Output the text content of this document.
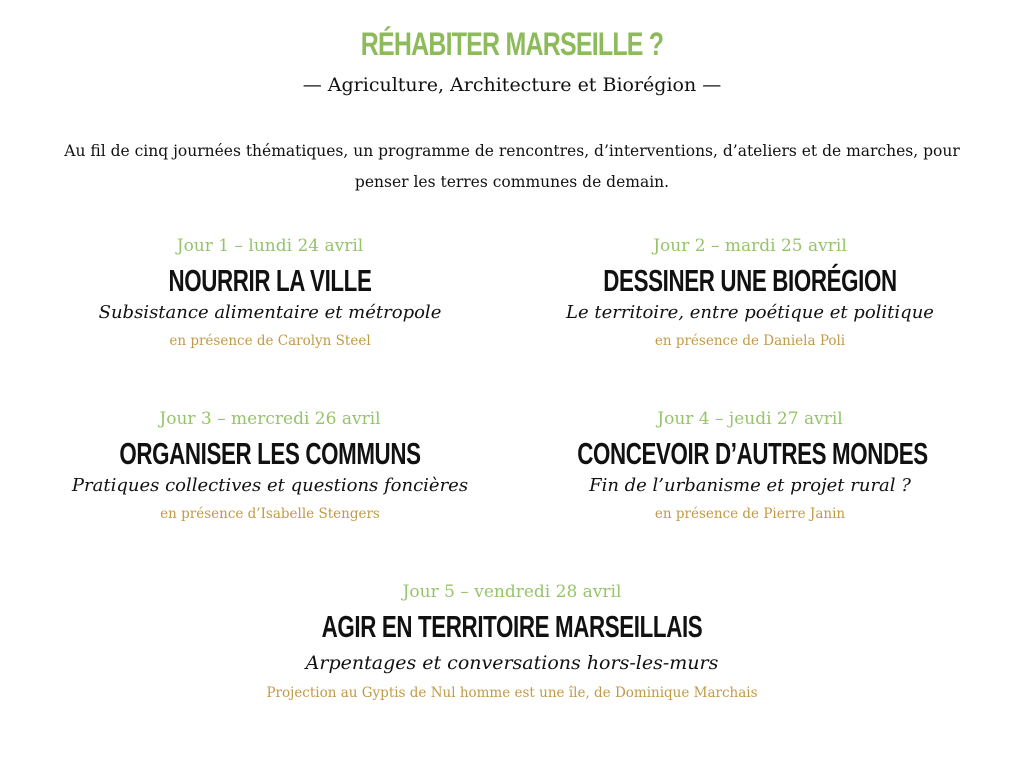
RÉHABITER MARSEILLE ?
— Agriculture, Architecture et Biorégion —
Au fil de cinq journées thématiques, un programme de rencontres, d’interventions, d’ateliers et de marches, pour penser les terres communes de demain.
Jour 1 – lundi 24 avril
NOURRIR LA VILLE
Subsistance alimentaire et métropole
en présence de Carolyn Steel
Jour 2 – mardi 25 avril
DESSINER UNE BIORÉGION
Le territoire, entre poétique et politique
en présence de Daniela Poli
Jour 3 – mercredi 26 avril
ORGANISER LES COMMUNS
Pratiques collectives et questions foncières
en présence d’Isabelle Stengers
Jour 4 – jeudi 27 avril
CONCEVOIR D’AUTRES MONDES
Fin de l’urbanisme et projet rural ?
en présence de Pierre Janin
Jour 5 – vendredi 28 avril
AGIR EN TERRITOIRE MARSEILLAIS
Arpentages et conversations hors-les-murs
Projection au Gyptis de Nul homme est une île, de Dominique Marchais
